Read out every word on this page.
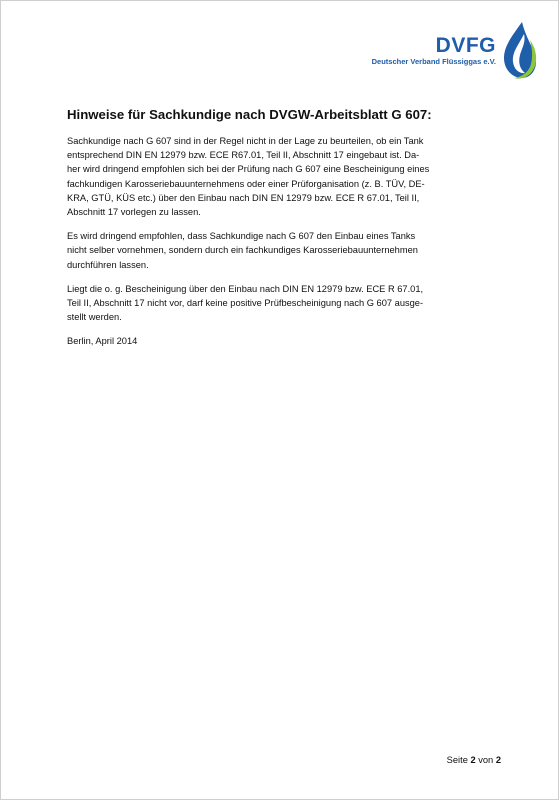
DVFG
Deutscher Verband Flüssiggas e.V.
Hinweise für Sachkundige nach DVGW-Arbeitsblatt G 607:
Sachkundige nach G 607 sind in der Regel nicht in der Lage zu beurteilen, ob ein Tank
entsprechend DIN EN 12979 bzw. ECE R67.01, Teil II, Abschnitt 17 eingebaut ist. Da-
her wird dringend empfohlen sich bei der Prüfung nach G 607 eine Bescheinigung eines
fachkundigen Karosseriebauunternehmens oder einer Prüforganisation (z. B. TÜV, DE-
KRA, GTÜ, KÜS etc.) über den Einbau nach DIN EN 12979 bzw. ECE R 67.01, Teil II,
Abschnitt 17 vorlegen zu lassen.
Es wird dringend empfohlen, dass Sachkundige nach G 607 den Einbau eines Tanks
nicht selber vornehmen, sondern durch ein fachkundiges Karosseriebauunternehmen
durchführen lassen.
Liegt die o. g. Bescheinigung über den Einbau nach DIN EN 12979 bzw. ECE R 67.01,
Teil II, Abschnitt 17 nicht vor, darf keine positive Prüfbescheinigung nach G 607 ausge-
stellt werden.
Berlin, April 2014
Seite 2 von 2
